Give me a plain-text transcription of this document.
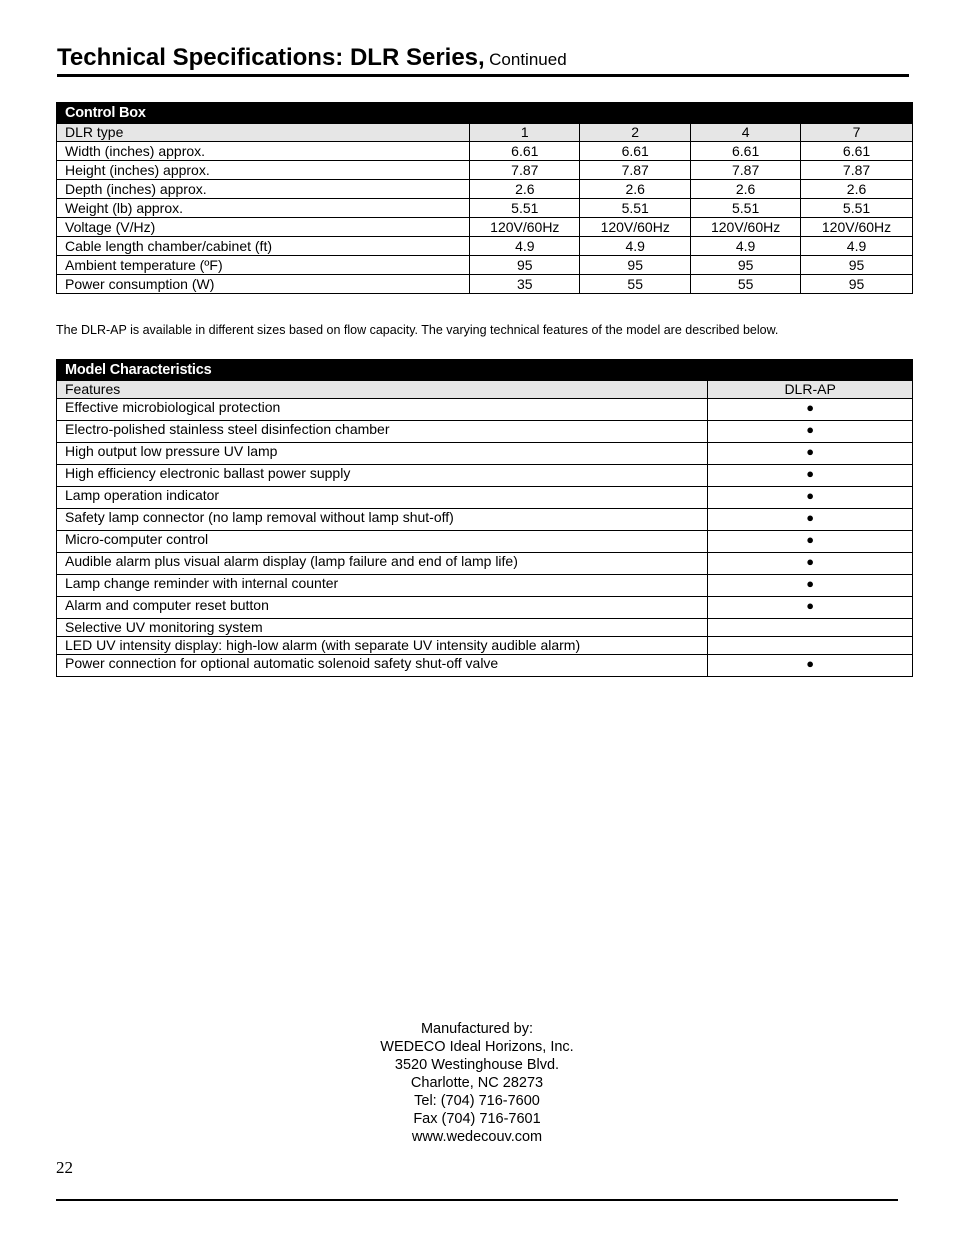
Technical Specifications: DLR Series, Continued
Control Box				
DLR type	1	2	4	7
Width (inches) approx.	6.61	6.61	6.61	6.61
Height (inches) approx.	7.87	7.87	7.87	7.87
Depth (inches) approx.	2.6	2.6	2.6	2.6
Weight (lb) approx.	5.51	5.51	5.51	5.51
Voltage (V/Hz)	120V/60Hz	120V/60Hz	120V/60Hz	120V/60Hz
Cable length chamber/cabinet (ft)	4.9	4.9	4.9	4.9
Ambient temperature (ºF)	95	95	95	95
Power consumption (W)	35	55	55	95
The DLR-AP is available in different sizes based on flow capacity. The varying technical features of the model are described below.
Model Characteristics	
Features	DLR-AP
Effective microbiological protection	●
Electro-polished stainless steel disinfection chamber	●
High output low pressure UV lamp	●
High efficiency electronic ballast power supply	●
Lamp operation indicator	●
Safety lamp connector (no lamp removal without lamp shut-off)	●
Micro-computer control	●
Audible alarm plus visual alarm display (lamp failure and end of lamp life)	●
Lamp change reminder with internal counter	●
Alarm and computer reset button	●
Selective UV monitoring system	
LED UV intensity display: high-low alarm (with separate UV intensity audible alarm)	
Power connection for optional automatic solenoid safety shut-off valve	●
Manufactured by:
WEDECO Ideal Horizons, Inc.
3520 Westinghouse Blvd.
Charlotte, NC 28273
Tel: (704) 716-7600
Fax (704) 716-7601
www.wedecouv.com
22
